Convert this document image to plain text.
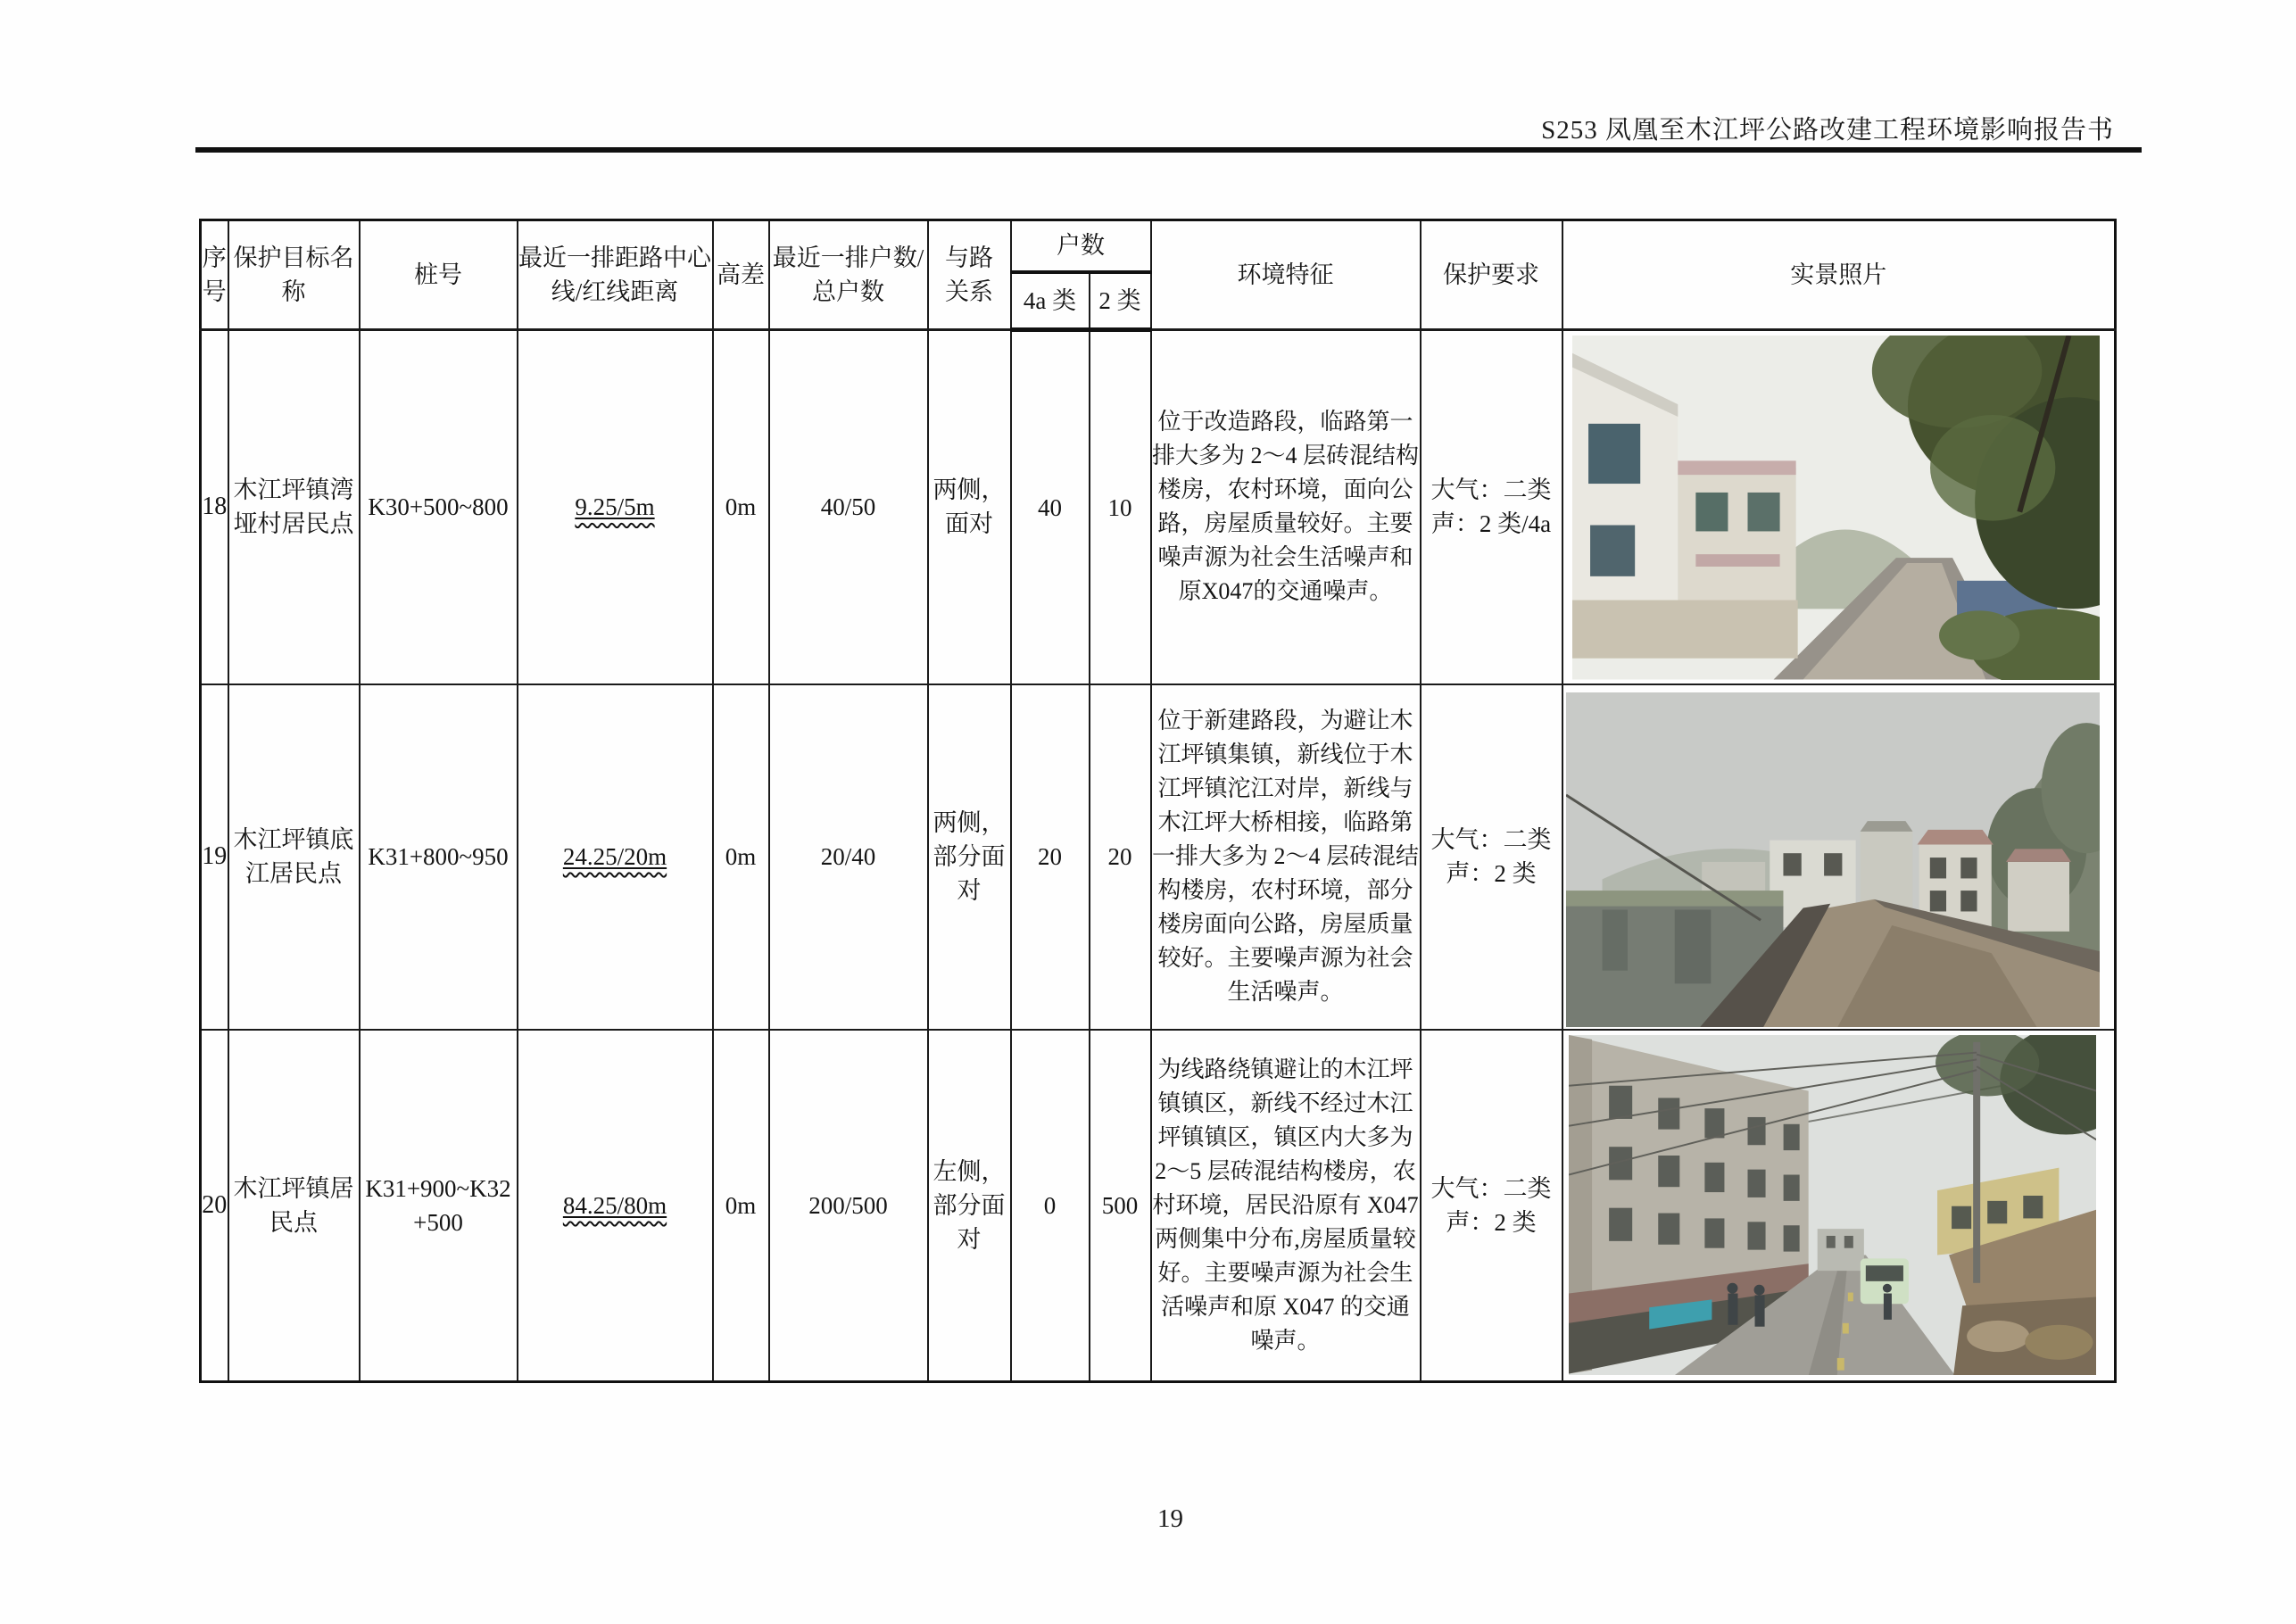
S253 凤凰至木江坪公路改建工程环境影响报告书
序号	保护目标名称	桩号	最近一排距路中心线/红线距离	高差	最近一排户数/总户数	与路关系	户数		环境特征	保护要求	实景照片
							4a 类	2 类			
18	木江坪镇湾垭村居民点	K30+500~800	9.25/5m	0m	40/50	两侧，面对	40	10	位于改造路段，临路第一排大多为 2～4 层砖混结构楼房，农村环境，面向公路，房屋质量较好。主要噪声源为社会生活噪声和原X047的交通噪声。	大气：二类
声：2 类/4a	

19	木江坪镇底江居民点	K31+800~950	24.25/20m	0m	20/40	两侧，部分面对	20	20	位于新建路段，为避让木江坪镇集镇，新线位于木江坪镇沱江对岸，新线与木江坪大桥相接，临路第一排大多为 2～4 层砖混结构楼房，农村环境，部分楼房面向公路，房屋质量较好。主要噪声源为社会生活噪声。	大气：二类
声：2 类	

20	木江坪镇居民点	K31+900~K32+500	84.25/80m	0m	200/500	左侧，部分面对	0	500	为线路绕镇避让的木江坪镇镇区，新线不经过木江坪镇镇区，镇区内大多为 2～5 层砖混结构楼房，农村环境，居民沿原有 X047 两侧集中分布,房屋质量较好。主要噪声源为社会生活噪声和原 X047 的交通噪声。	大气：二类
声：2 类	
19
